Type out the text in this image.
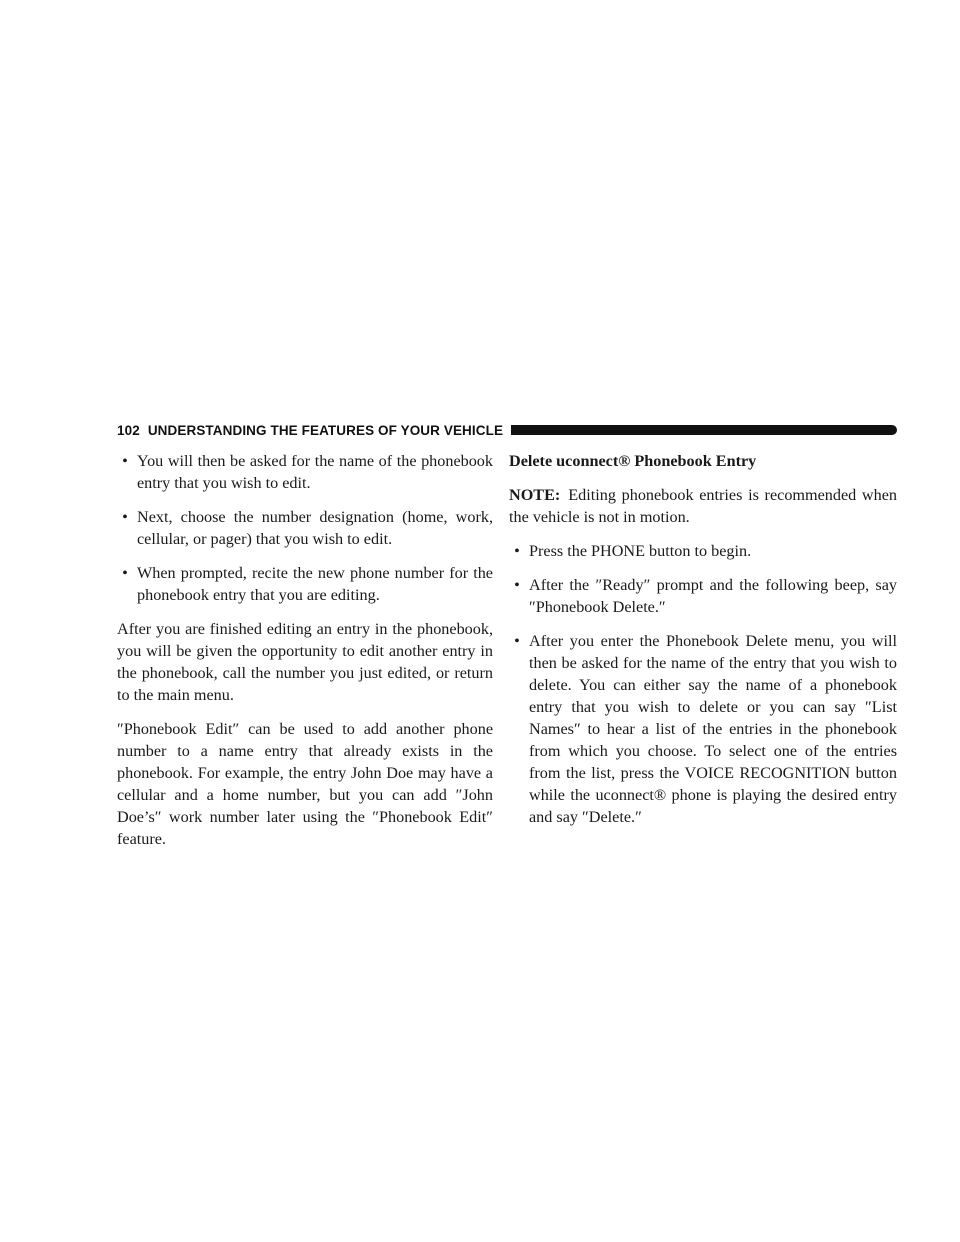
102 UNDERSTANDING THE FEATURES OF YOUR VEHICLE
• You will then be asked for the name of the phonebook entry that you wish to edit.
• Next, choose the number designation (home, work, cellular, or pager) that you wish to edit.
• When prompted, recite the new phone number for the phonebook entry that you are editing.

After you are finished editing an entry in the phonebook, you will be given the opportunity to edit another entry in the phonebook, call the number you just edited, or return to the main menu.

″Phonebook Edit″ can be used to add another phone number to a name entry that already exists in the phonebook. For example, the entry John Doe may have a cellular and a home number, but you can add ″John Doe’s″ work number later using the ″Phonebook Edit″ feature.

Delete uconnect® Phonebook Entry

NOTE: Editing phonebook entries is recommended when the vehicle is not in motion.

• Press the PHONE button to begin.
• After the ″Ready″ prompt and the following beep, say ″Phonebook Delete.″
• After you enter the Phonebook Delete menu, you will then be asked for the name of the entry that you wish to delete. You can either say the name of a phonebook entry that you wish to delete or you can say ″List Names″ to hear a list of the entries in the phonebook from which you choose. To select one of the entries from the list, press the VOICE RECOGNITION button while the uconnect® phone is playing the desired entry and say ″Delete.″
